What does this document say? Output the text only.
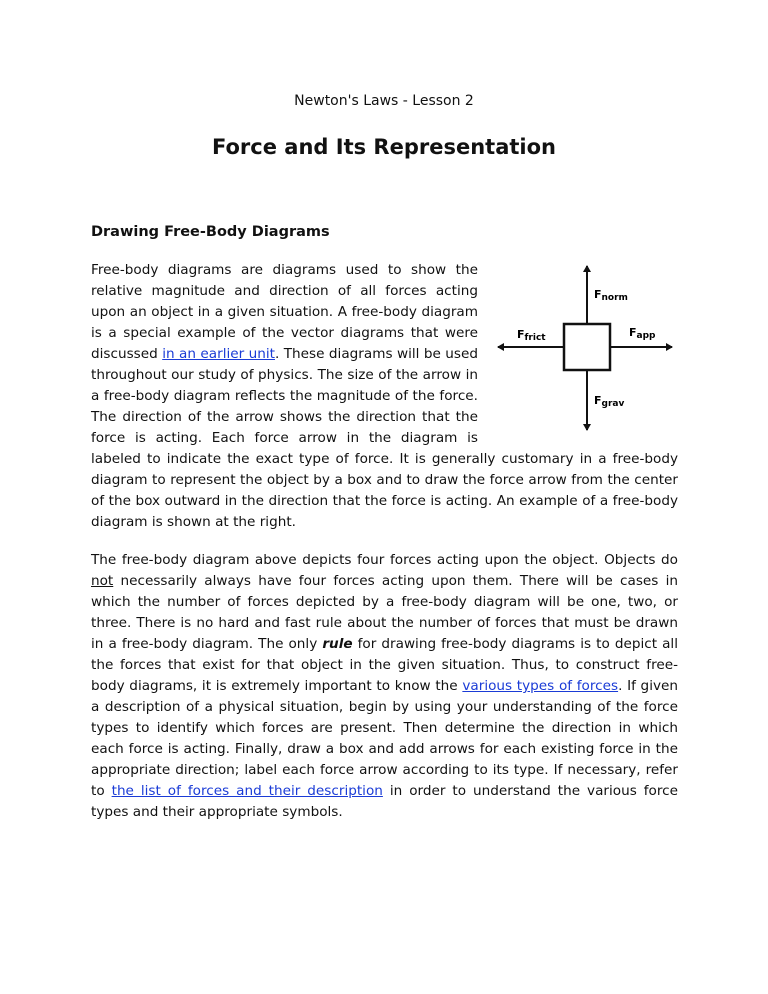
Newton's Laws - Lesson 2
Force and Its Representation
Drawing Free-Body Diagrams

Fnorm
Ffrict	Fapp
Fgrav
Free-body diagrams are diagrams used to show the relative magnitude and direction of all forces acting upon an object in a given situation. A free-body diagram is a special example of the vector diagrams that were discussed in an earlier unit. These diagrams will be used throughout our study of physics. The size of the arrow in a free-body diagram reflects the magnitude of the force. The direction of the arrow shows the direction that the force is acting. Each force arrow in the diagram is labeled to indicate the exact type of force. It is generally customary in a free-body diagram to represent the object by a box and to draw the force arrow from the center of the box outward in the direction that the force is acting. An example of a free-body diagram is shown at the right.

The free-body diagram above depicts four forces acting upon the object. Objects do not necessarily always have four forces acting upon them. There will be cases in which the number of forces depicted by a free-body diagram will be one, two, or three. There is no hard and fast rule about the number of forces that must be drawn in a free-body diagram. The only rule for drawing free-body diagrams is to depict all the forces that exist for that object in the given situation. Thus, to construct free-body diagrams, it is extremely important to know the various types of forces. If given a description of a physical situation, begin by using your understanding of the force types to identify which forces are present. Then determine the direction in which each force is acting. Finally, draw a box and add arrows for each existing force in the appropriate direction; label each force arrow according to its type. If necessary, refer to the list of forces and their description in order to understand the various force types and their appropriate symbols.
